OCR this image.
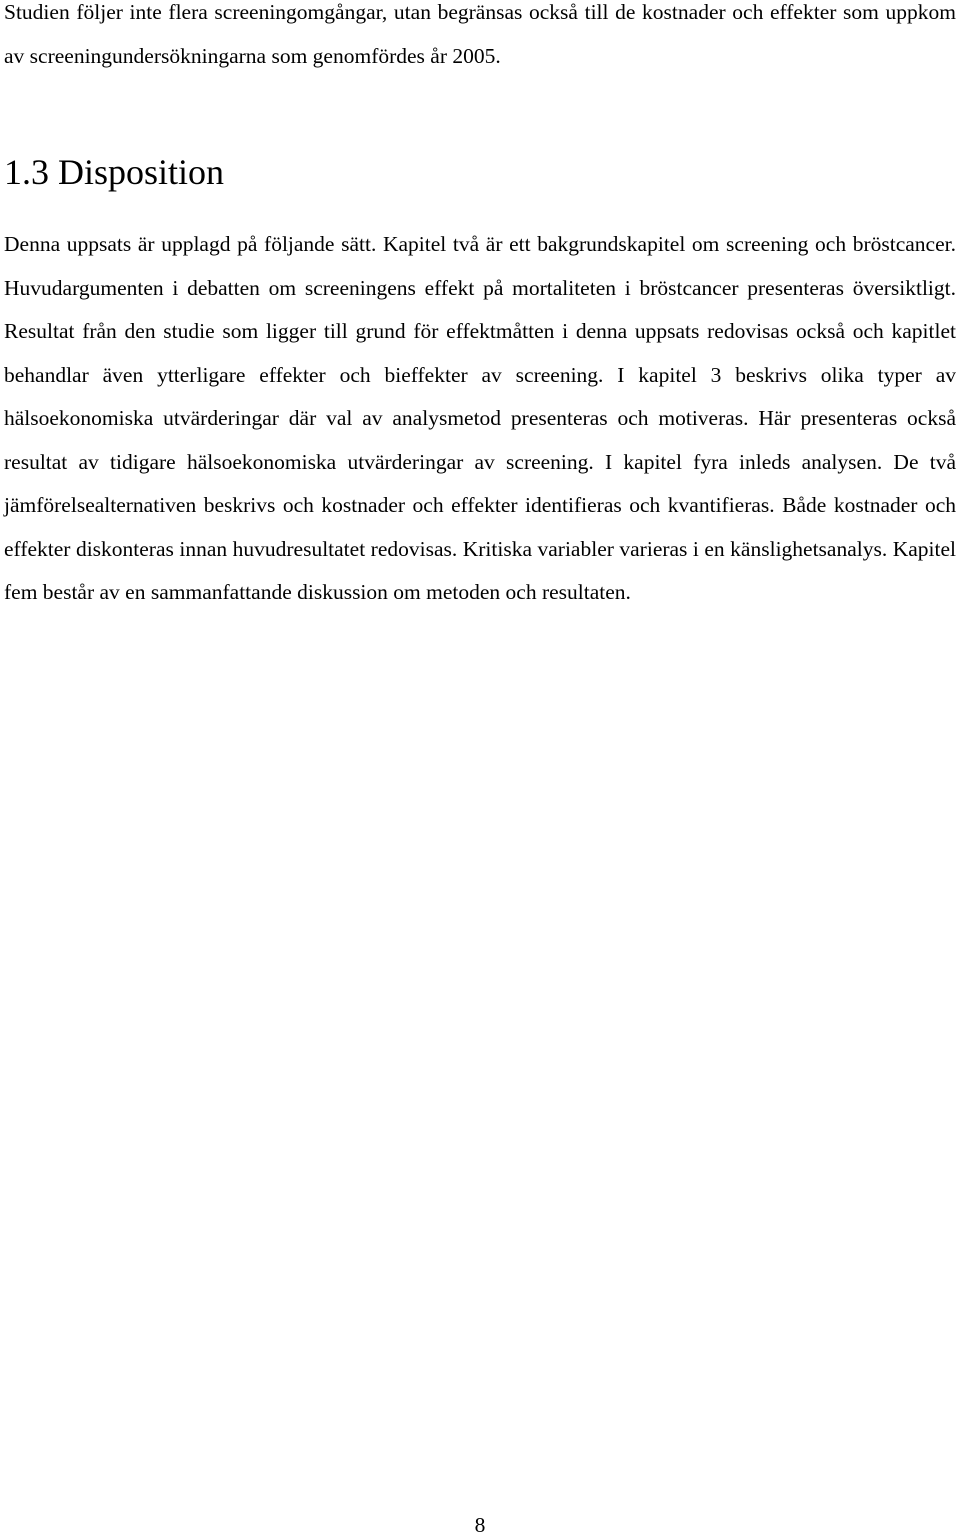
Studien följer inte flera screeningomgångar, utan begränsas också till de kostnader och effekter som uppkom av screeningundersökningarna som genomfördes år 2005.

1.3 Disposition

Denna uppsats är upplagd på följande sätt. Kapitel två är ett bakgrundskapitel om screening och bröstcancer. Huvudargumenten i debatten om screeningens effekt på mortaliteten i bröstcancer presenteras översiktligt. Resultat från den studie som ligger till grund för effektmåtten i denna uppsats redovisas också och kapitlet behandlar även ytterligare effekter och bieffekter av screening. I kapitel 3 beskrivs olika typer av hälsoekonomiska utvärderingar där val av analysmetod presenteras och motiveras. Här presenteras också resultat av tidigare hälsoekonomiska utvärderingar av screening. I kapitel fyra inleds analysen. De två jämförelsealternativen beskrivs och kostnader och effekter identifieras och kvantifieras. Både kostnader och effekter diskonteras innan huvudresultatet redovisas. Kritiska variabler varieras i en känslighetsanalys. Kapitel fem består av en sammanfattande diskussion om metoden och resultaten.

8
